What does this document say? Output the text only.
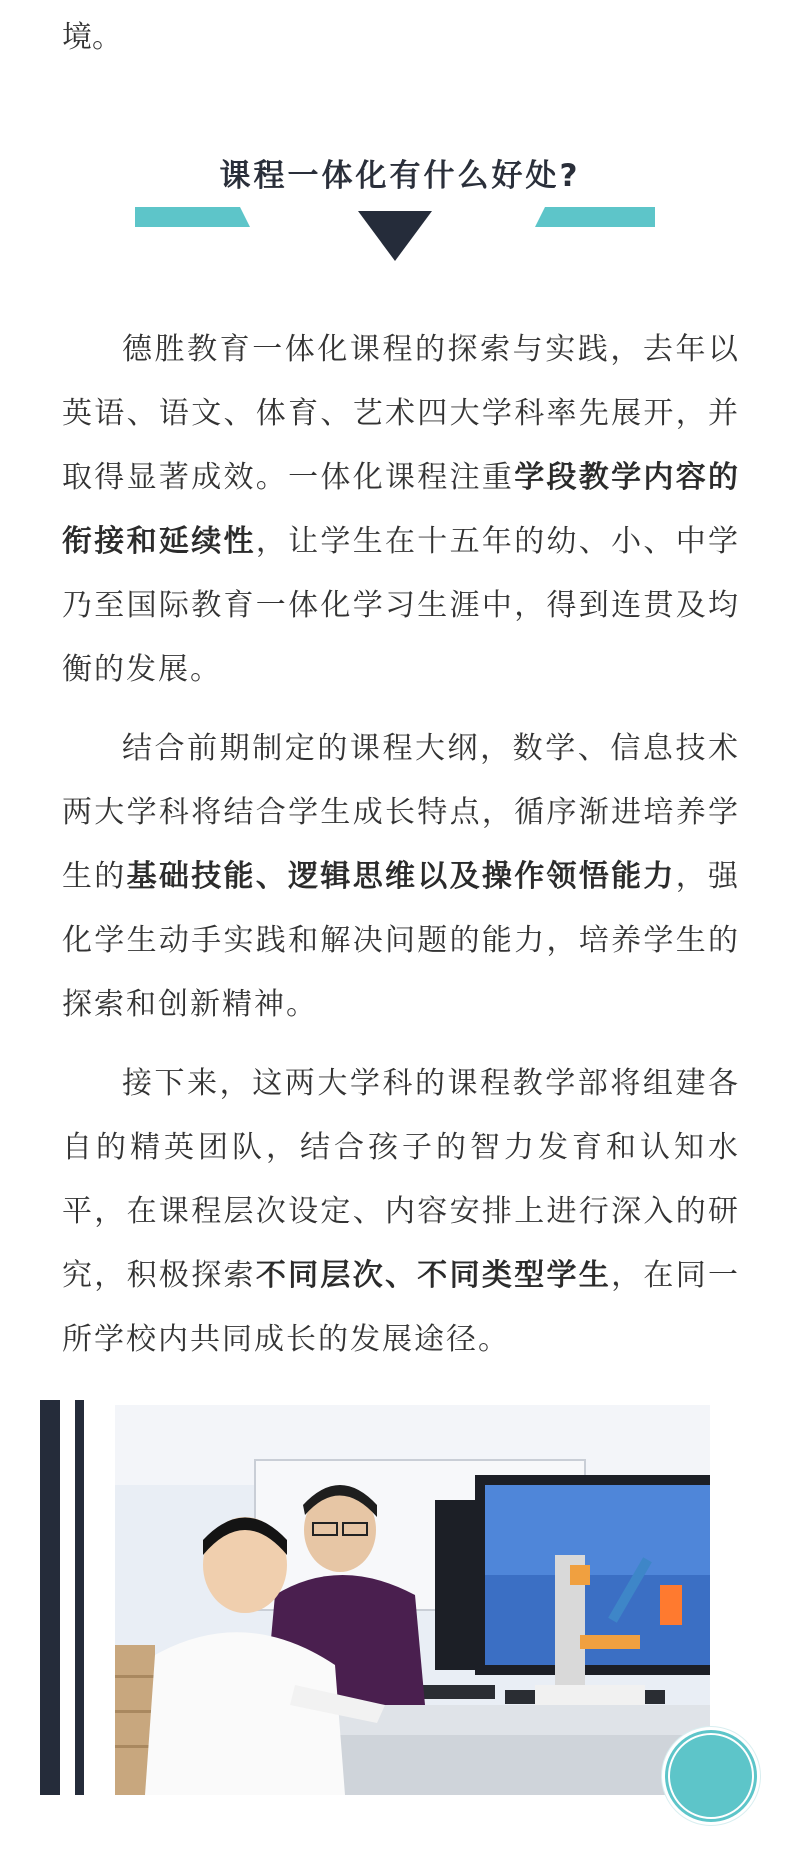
境。

课程一体化有什么好处?

德胜教育一体化课程的探索与实践，去年以英语、语文、体育、艺术四大学科率先展开，并取得显著成效。一体化课程注重学段教学内容的衔接和延续性，让学生在十五年的幼、小、中学乃至国际教育一体化学习生涯中，得到连贯及均衡的发展。

结合前期制定的课程大纲，数学、信息技术两大学科将结合学生成长特点，循序渐进培养学生的基础技能、逻辑思维以及操作领悟能力，强化学生动手实践和解决问题的能力，培养学生的探索和创新精神。

接下来，这两大学科的课程教学部将组建各自的精英团队，结合孩子的智力发育和认知水平，在课程层次设定、内容安排上进行深入的研究，积极探索不同层次、不同类型学生，在同一所学校内共同成长的发展途径。
